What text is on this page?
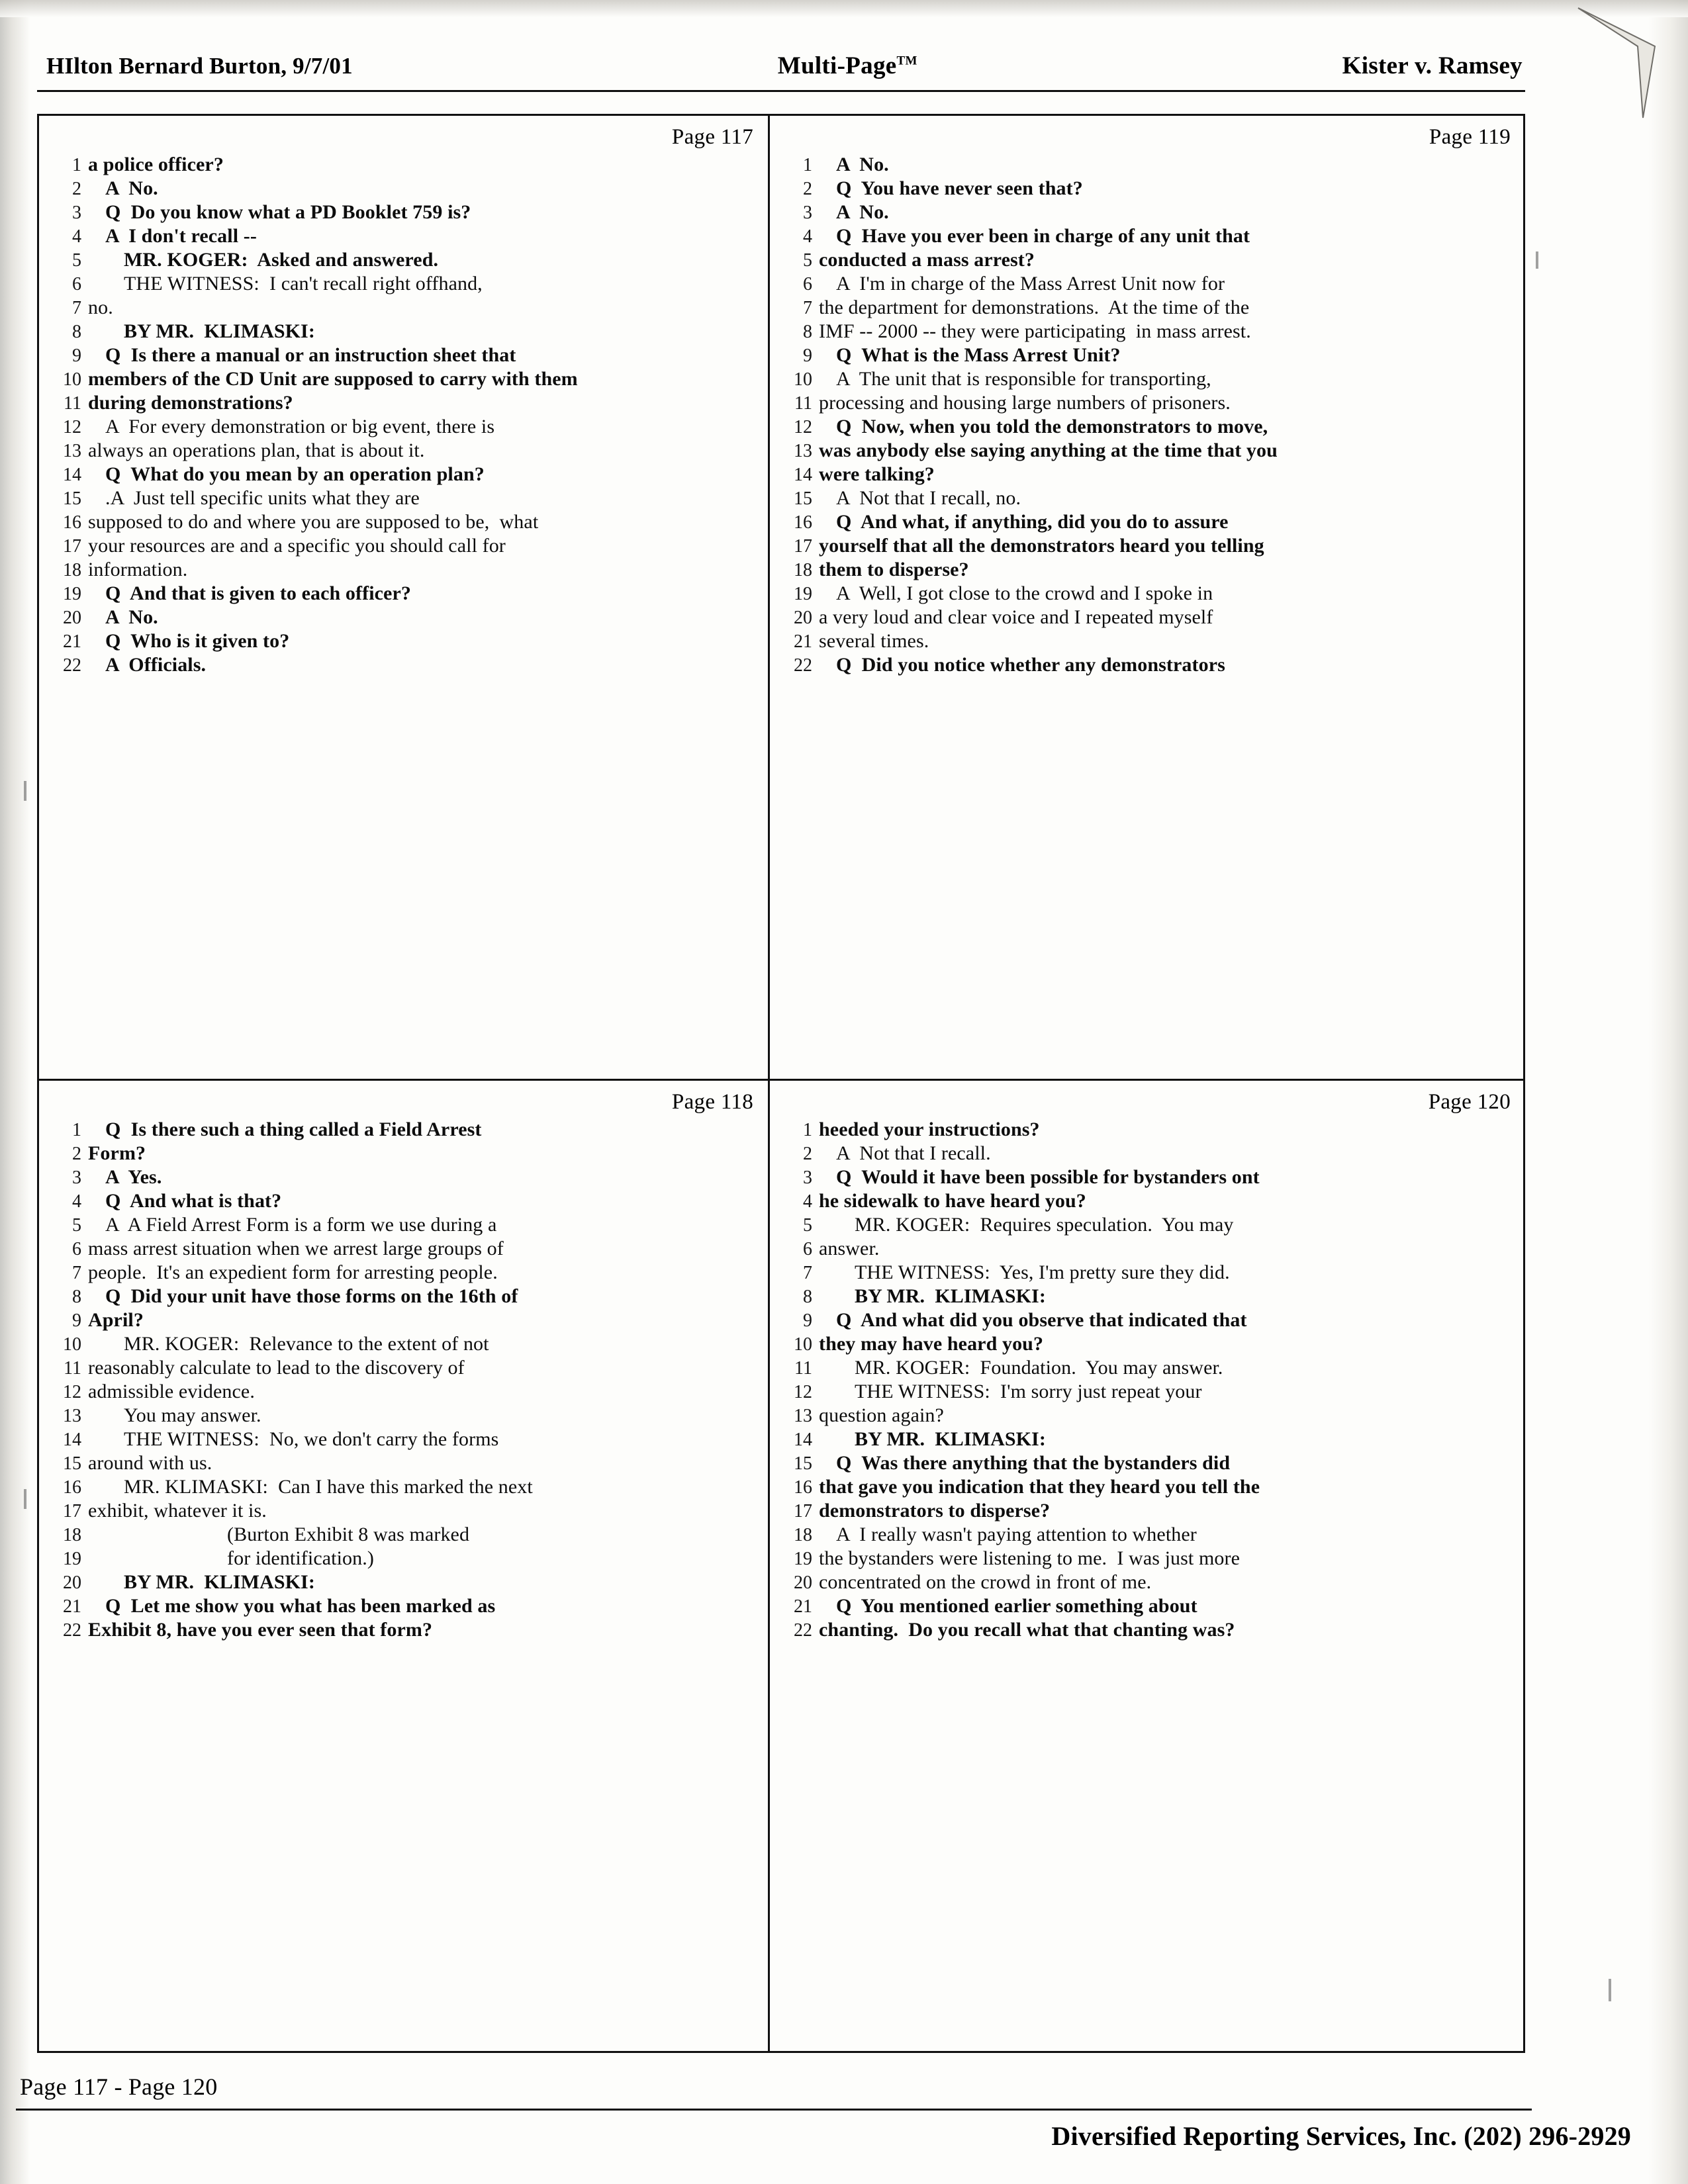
HIlton Bernard Burton, 9/7/01	Multi-Page™	Kister v. Ramsey
Page 117
1 a police officer?
2	A  No.
3	Q  Do you know what a PD Booklet 759 is?
4	A  I don't recall --
5	MR. KOGER:  Asked and answered.
6	THE WITNESS:  I can't recall right offhand,
7 no.
8	BY MR.  KLIMASKI:
9	Q  Is there a manual or an instruction sheet that
10 members of the CD Unit are supposed to carry with them
11 during demonstrations?
12	A  For every demonstration or big event, there is
13 always an operations plan, that is about it.
14	Q  What do you mean by an operation plan?
15	.A  Just tell specific units what they are
16 supposed to do and where you are supposed to be,  what
17 your resources are and a specific you should call for
18 information.
19	Q  And that is given to each officer?
20	A  No.
21	Q  Who is it given to?
22	A  Officials.
Page 119
1	A  No.
2	Q  You have never seen that?
3	A  No.
4	Q  Have you ever been in charge of any unit that
5 conducted a mass arrest?
6	A  I'm in charge of the Mass Arrest Unit now for
7 the department for demonstrations.  At the time of the
8 IMF -- 2000 -- they were participating  in mass arrest.
9	Q  What is the Mass Arrest Unit?
10	A  The unit that is responsible for transporting,
11 processing and housing large numbers of prisoners.
12	Q  Now, when you told the demonstrators to move,
13 was anybody else saying anything at the time that you
14 were talking?
15	A  Not that I recall, no.
16	Q  And what, if anything, did you do to assure
17 yourself that all the demonstrators heard you telling
18 them to disperse?
19	A  Well, I got close to the crowd and I spoke in
20 a very loud and clear voice and I repeated myself
21 several times.
22	Q  Did you notice whether any demonstrators
Page 118
1	Q  Is there such a thing called a Field Arrest
2 Form?
3	A  Yes.
4	Q  And what is that?
5	A  A Field Arrest Form is a form we use during a
6 mass arrest situation when we arrest large groups of
7 people.  It's an expedient form for arresting people.
8	Q  Did your unit have those forms on the 16th of
9 April?
10	MR. KOGER:  Relevance to the extent of not
11 reasonably calculate to lead to the discovery of
12 admissible evidence.
13	You may answer.
14	THE WITNESS:  No, we don't carry the forms
15 around with us.
16	MR. KLIMASKI:  Can I have this marked the next
17 exhibit, whatever it is.
18	(Burton Exhibit 8 was marked
19	for identification.)
20	BY MR.  KLIMASKI:
21	Q  Let me show you what has been marked as
22 Exhibit 8, have you ever seen that form?
Page 120
1 heeded your instructions?
2	A  Not that I recall.
3	Q  Would it have been possible for bystanders ont
4 he sidewalk to have heard you?
5	MR. KOGER:  Requires speculation.  You may
6 answer.
7	THE WITNESS:  Yes, I'm pretty sure they did.
8	BY MR.  KLIMASKI:
9	Q  And what did you observe that indicated that
10 they may have heard you?
11	MR. KOGER:  Foundation.  You may answer.
12	THE WITNESS:  I'm sorry just repeat your
13 question again?
14	BY MR.  KLIMASKI:
15	Q  Was there anything that the bystanders did
16 that gave you indication that they heard you tell the
17 demonstrators to disperse?
18	A  I really wasn't paying attention to whether
19 the bystanders were listening to me.  I was just more
20 concentrated on the crowd in front of me.
21	Q  You mentioned earlier something about
22 chanting.  Do you recall what that chanting was?
Page 117 - Page 120
Diversified Reporting Services, Inc. (202) 296-2929
